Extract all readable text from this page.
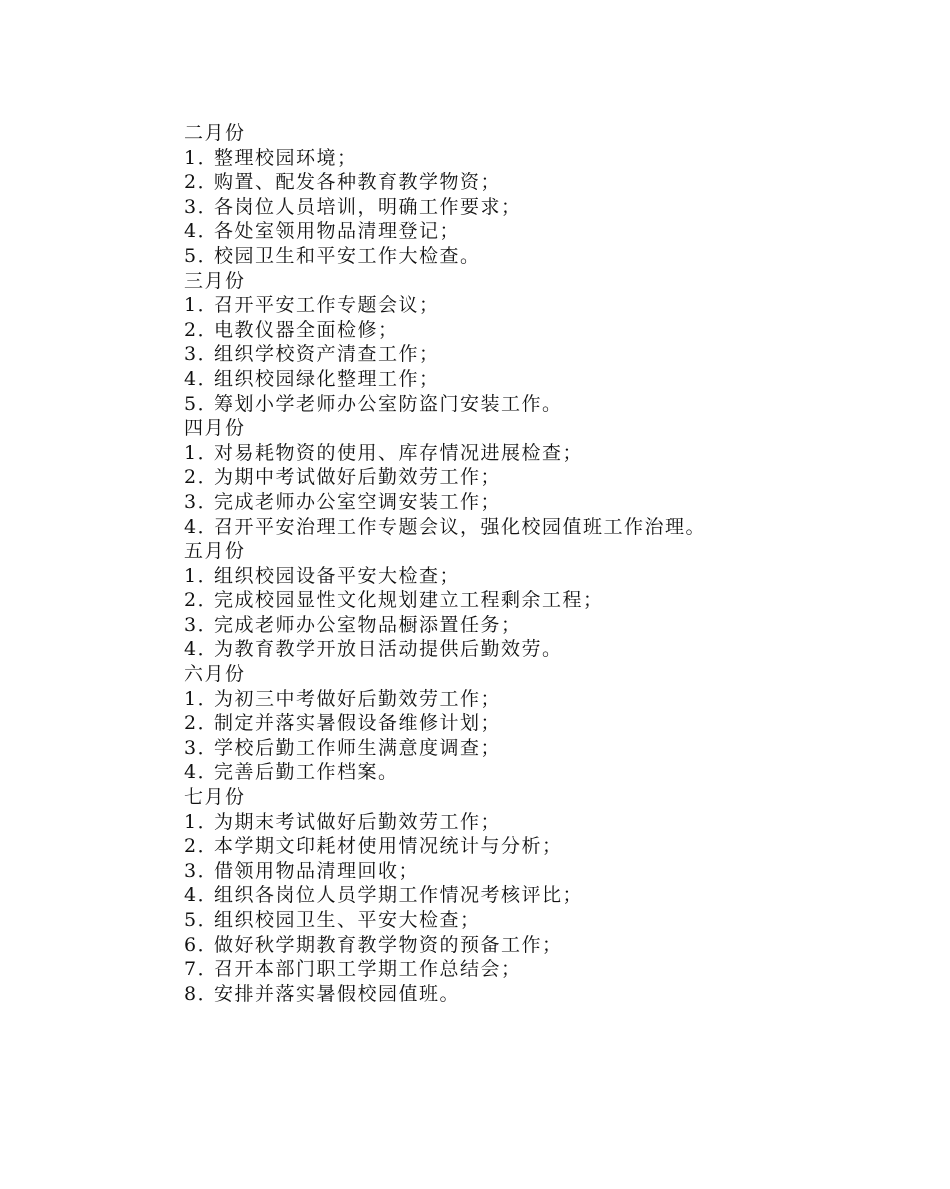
二月份
1．整理校园环境；
2．购置、配发各种教育教学物资；
3．各岗位人员培训，明确工作要求；
4．各处室领用物品清理登记；
5．校园卫生和平安工作大检查。
三月份
1．召开平安工作专题会议；
2．电教仪器全面检修；
3．组织学校资产清查工作；
4．组织校园绿化整理工作；
5．筹划小学老师办公室防盗门安装工作。
四月份
1．对易耗物资的使用、库存情况进展检查；
2．为期中考试做好后勤效劳工作；
3．完成老师办公室空调安装工作；
4．召开平安治理工作专题会议，强化校园值班工作治理。
五月份
1．组织校园设备平安大检查；
2．完成校园显性文化规划建立工程剩余工程；
3．完成老师办公室物品橱添置任务；
4．为教育教学开放日活动提供后勤效劳。
六月份
1．为初三中考做好后勤效劳工作；
2．制定并落实暑假设备维修计划；
3．学校后勤工作师生满意度调查；
4．完善后勤工作档案。
七月份
1．为期末考试做好后勤效劳工作；
2．本学期文印耗材使用情况统计与分析；
3．借领用物品清理回收；
4．组织各岗位人员学期工作情况考核评比；
5．组织校园卫生、平安大检查；
6．做好秋学期教育教学物资的预备工作；
7．召开本部门职工学期工作总结会；
8．安排并落实暑假校园值班。
